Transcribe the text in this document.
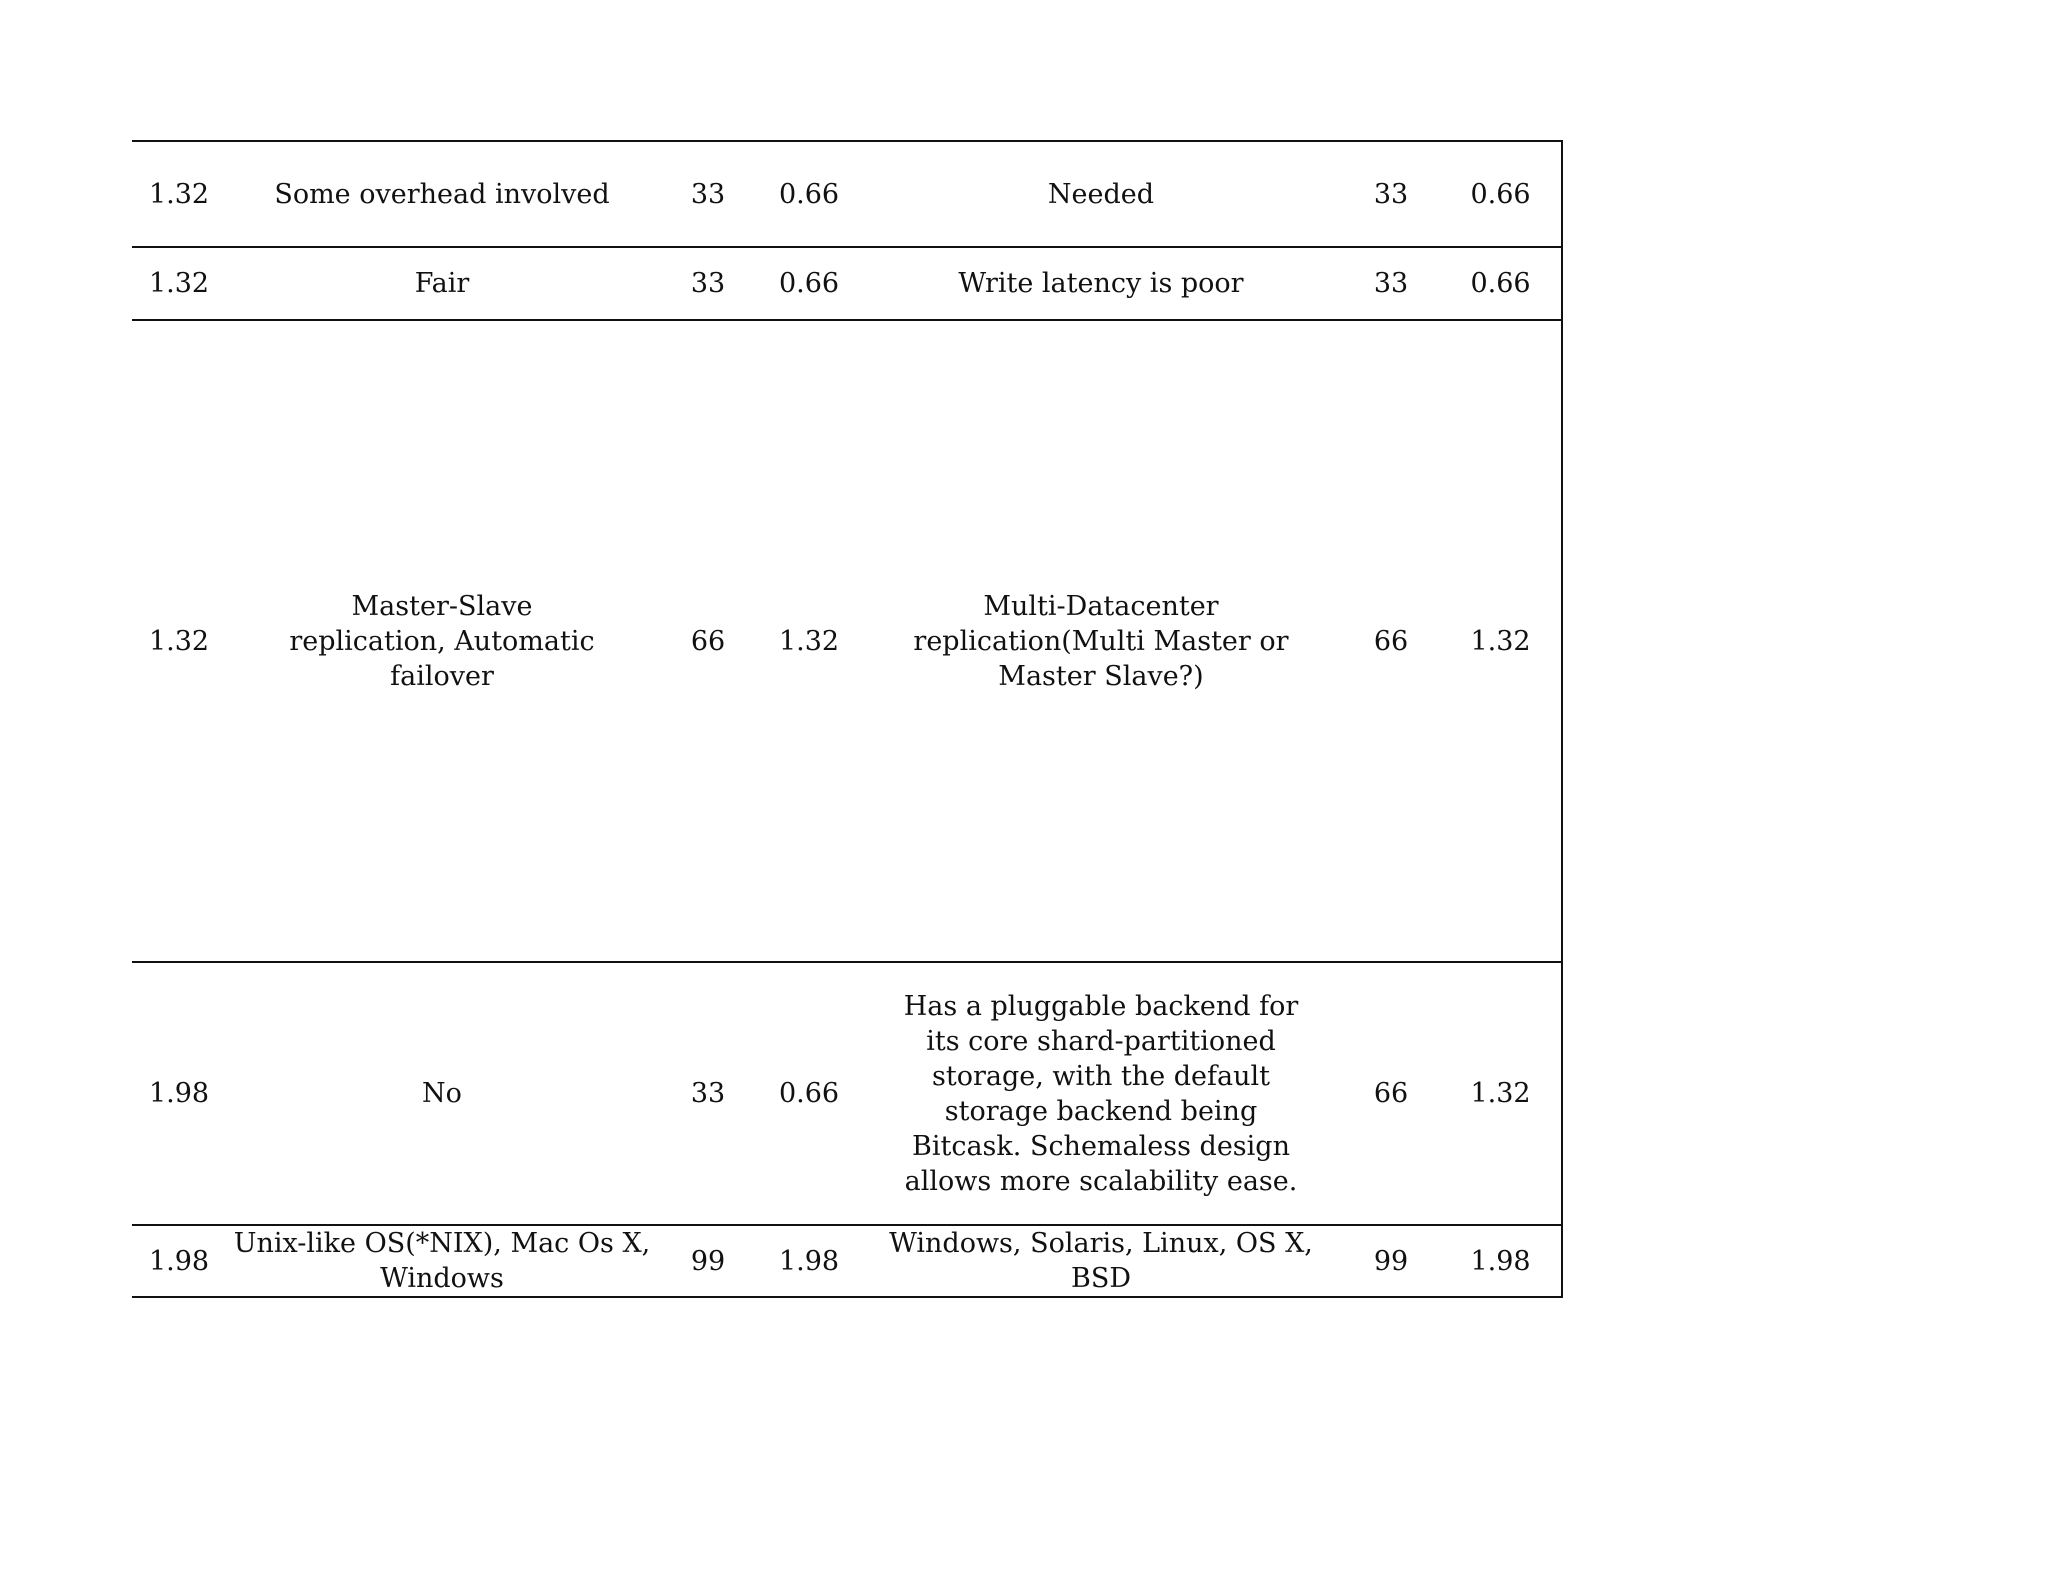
1.32	Some overhead involved	33	0.66	Needed	33	0.66

1.32	Fair	33	0.66	Write latency is poor	33	0.66

1.32	Master-Slave replication, Automatic failover	66	1.32	Multi-Datacenter replication(Multi Master or Master Slave?)	66	1.32

1.98	No	33	0.66	Has a pluggable backend for its core shard-partitioned storage, with the default storage backend being Bitcask. Schemaless design allows more scalability ease.	66	1.32

1.98	Unix-like OS(*NIX), Mac Os X, Windows	99	1.98	Windows, Solaris, Linux, OS X, BSD	99	1.98
